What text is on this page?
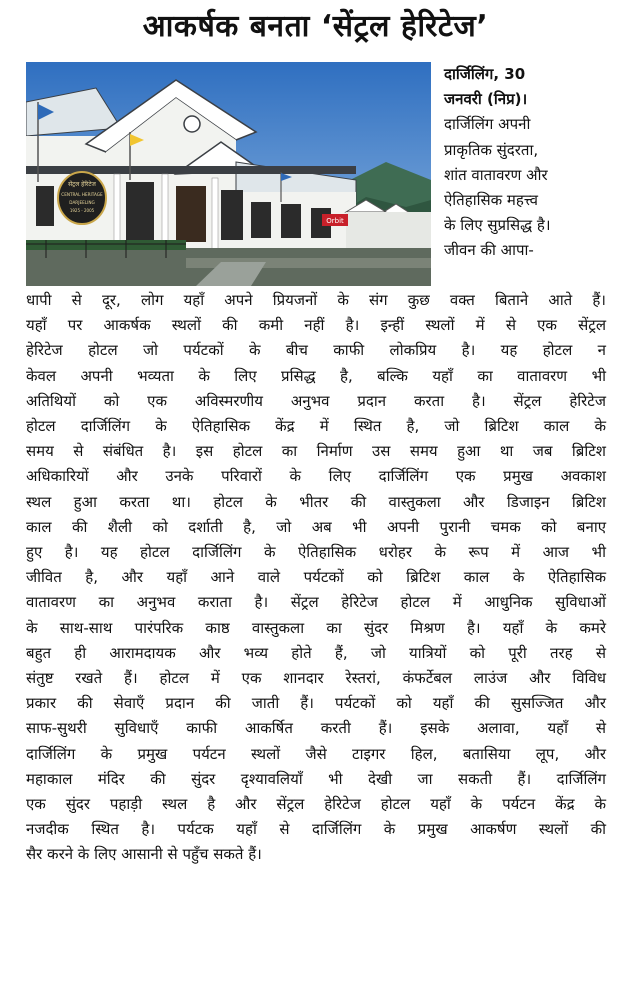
आकर्षक बनता ‘सेंट्रल हेरिटेज’
सेंट्रल हेरिटेज
CENTRAL HERITAGE
DARJEELING
1925 - 2005
Orbit
दार्जिलिंग, 30
जनवरी (निप्र)।
दार्जिलिंग अपनी
प्राकृतिक सुंदरता,
शांत वातावरण और
ऐतिहासिक महत्त्व
के लिए सुप्रसिद्ध है।
जीवन की आपा-
धापी से दूर, लोग यहाँ अपने प्रियजनों के संग कुछ वक्त बिताने आते हैं।
यहाँ पर आकर्षक स्थलों की कमी नहीं है। इन्हीं स्थलों में से एक सेंट्रल
हेरिटेज होटल जो पर्यटकों के बीच काफी लोकप्रिय है। यह होटल न
केवल अपनी भव्यता के लिए प्रसिद्ध है, बल्कि यहाँ का वातावरण भी
अतिथियों को एक अविस्मरणीय अनुभव प्रदान करता है। सेंट्रल हेरिटेज
होटल दार्जिलिंग के ऐतिहासिक केंद्र में स्थित है, जो ब्रिटिश काल के
समय से संबंधित है। इस होटल का निर्माण उस समय हुआ था जब ब्रिटिश
अधिकारियों और उनके परिवारों के लिए दार्जिलिंग एक प्रमुख अवकाश
स्थल हुआ करता था। होटल के भीतर की वास्तुकला और डिजाइन ब्रिटिश
काल की शैली को दर्शाती है, जो अब भी अपनी पुरानी चमक को बनाए
हुए है। यह होटल दार्जिलिंग के ऐतिहासिक धरोहर के रूप में आज भी
जीवित है, और यहाँ आने वाले पर्यटकों को ब्रिटिश काल के ऐतिहासिक
वातावरण का अनुभव कराता है। सेंट्रल हेरिटेज होटल में आधुनिक सुविधाओं
के साथ-साथ पारंपरिक काष्ठ वास्तुकला का सुंदर मिश्रण है। यहाँ के कमरे
बहुत ही आरामदायक और भव्य होते हैं, जो यात्रियों को पूरी तरह से
संतुष्ट रखते हैं। होटल में एक शानदार रेस्तरां, कंफर्टेबल लाउंज और विविध
प्रकार की सेवाएँ प्रदान की जाती हैं। पर्यटकों को यहाँ की सुसज्जित और
साफ-सुथरी सुविधाएँ काफी आकर्षित करती हैं। इसके अलावा, यहाँ से
दार्जिलिंग के प्रमुख पर्यटन स्थलों जैसे टाइगर हिल, बतासिया लूप, और
महाकाल मंदिर की सुंदर दृश्यावलियाँ भी देखी जा सकती हैं। दार्जिलिंग
एक सुंदर पहाड़ी स्थल है और सेंट्रल हेरिटेज होटल यहाँ के पर्यटन केंद्र के
नजदीक स्थित है। पर्यटक यहाँ से दार्जिलिंग के प्रमुख आकर्षण स्थलों की
सैर करने के लिए आसानी से पहुँच सकते हैं।
